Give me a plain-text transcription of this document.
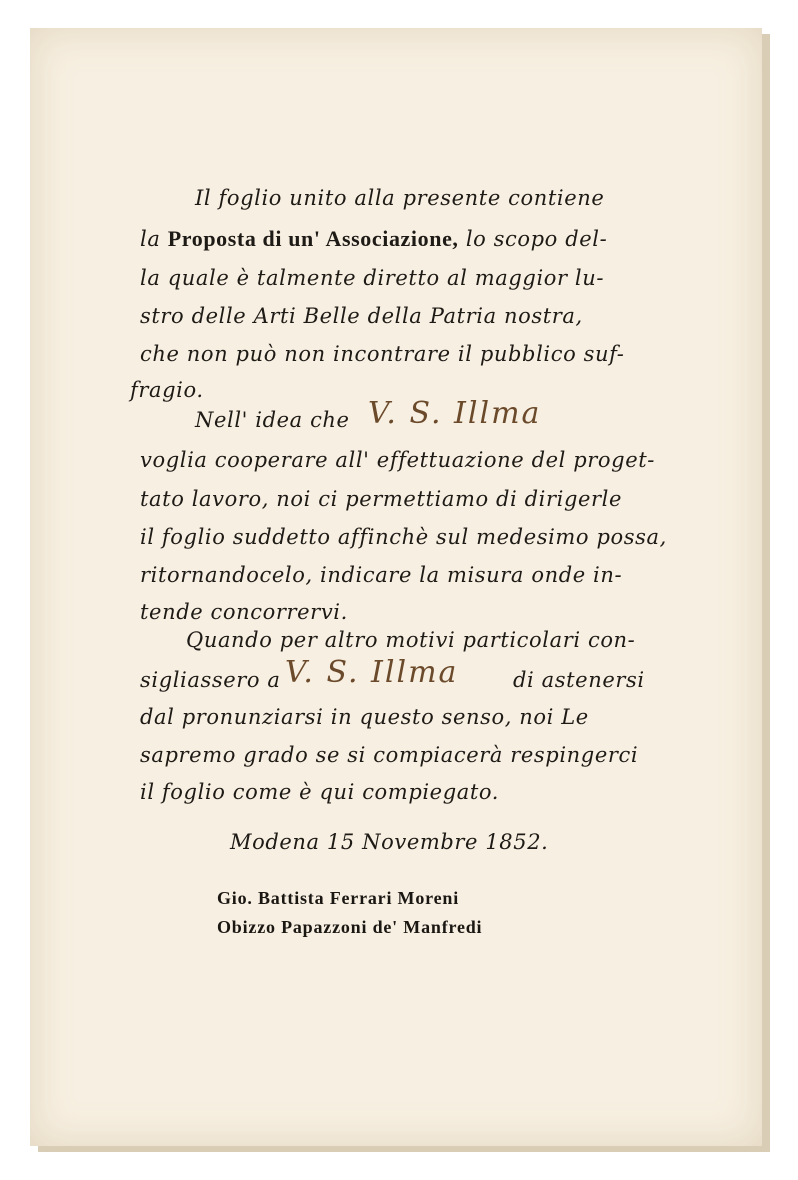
Il foglio unito alla presente contiene
la Proposta di un' Associazione, lo scopo del-
la quale è talmente diretto al maggior lu-
stro delle Arti Belle della Patria nostra,
che non può non incontrare il pubblico suf-
fragio.
Nell' idea che V. S. Illma
voglia cooperare all' effettuazione del proget-
tato lavoro, noi ci permettiamo di dirigerle
il foglio suddetto affinchè sul medesimo possa,
ritornandocelo, indicare la misura onde in-
tende concorrervi.
Quando per altro motivi particolari con-
sigliassero a V. S. Illma	di astenersi
dal pronunziarsi in questo senso, noi Le
sapremo grado se si compiacerà respingerci
il foglio come è qui compiegato.
Modena 15 Novembre 1852.
Gio. Battista Ferrari Moreni
Obizzo Papazzoni de' Manfredi
